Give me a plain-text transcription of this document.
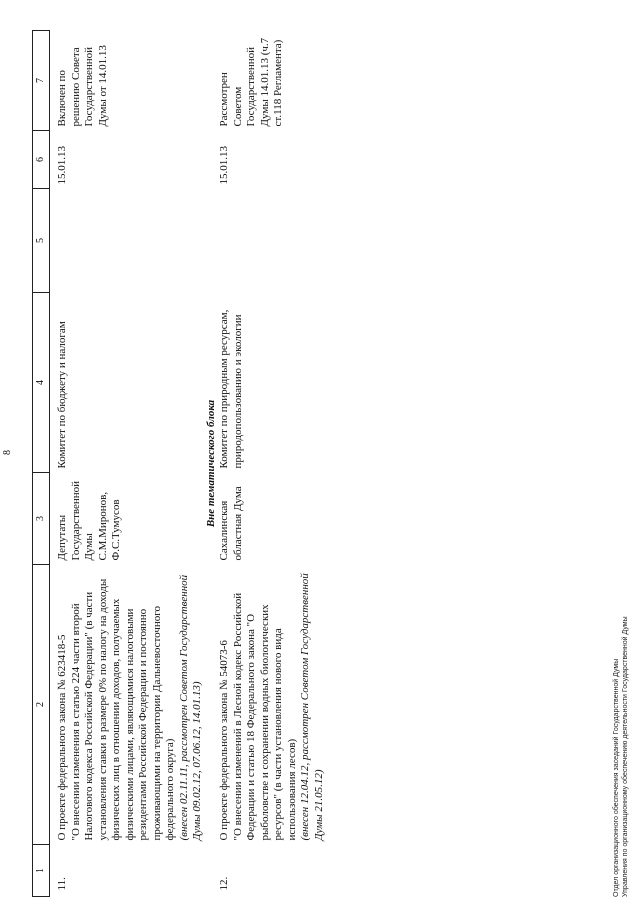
8
1	2	3	4	5	6	7

11.	О проекте федерального закона № 623418-5 "О внесении изменения в статью 224 части второй Налогового кодекса Российской Федерации" (в части установления ставки в размере 0% по налогу на доходы физических лиц в отношении доходов, получаемых физическими лицами, являющимися налоговыми резидентами Российской Федерации и постоянно проживающими на территории Дальневосточного федерального округа) (внесен 02.11.11, рассмотрен Советом Государственной Думы 09.02.12, 07.06.12, 14.01.13)	Депутаты Государственной Думы С.М.Миронов, Ф.С.Тумусов	Комитет по бюджету и налогам		15.01.13	Включен по решению Совета Государственной Думы от 14.01.13
Вне тематического блока						
12.	О проекте федерального закона № 54073-6 "О внесении изменений в Лесной кодекс Российской Федерации и статью 18 Федерального закона "О рыболовстве и сохранении водных биологических ресурсов" (в части установления нового вида использования лесов) (внесен 12.04.12, рассмотрен Советом Государственной Думы 21.05.12)	Сахалинская областная Дума	Комитет по природным ресурсам, природопользованию и экологии		15.01.13	Рассмотрен Советом Государственной Думы 14.01.13 (ч.7 ст.118 Регламента)
Отдел организационного обеспечения заседаний Государственной Думы Управления по организационному обеспечению деятельности Государственной Думы
